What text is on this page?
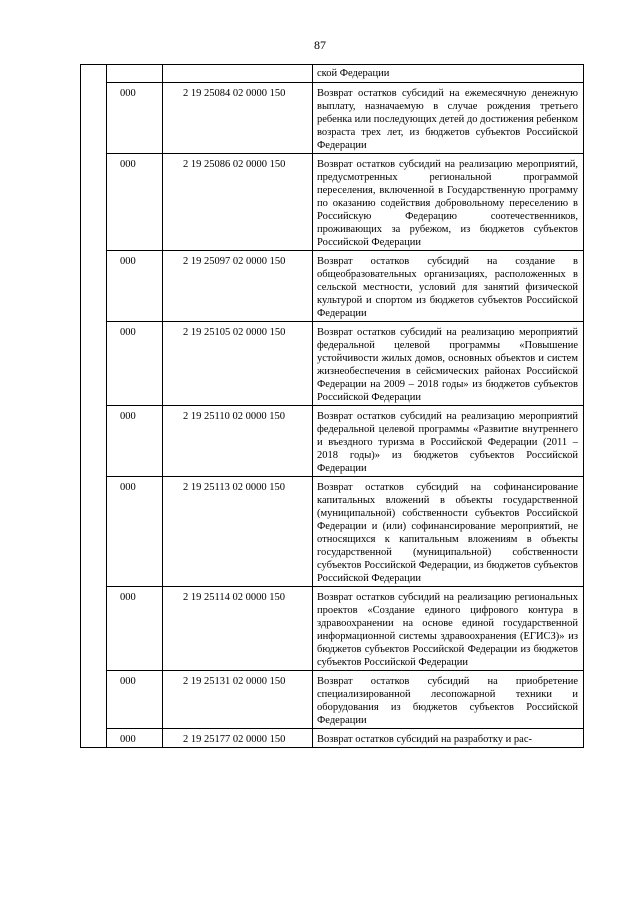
87
			ской Федерации
	000	2 19 25084 02 0000 150	Возврат остатков субсидий на ежемесячную денежную выплату, назначаемую в случае рождения третьего ребенка или последующих детей до достижения ребенком возраста трех лет, из бюджетов субъектов Российской Федерации
	000	2 19 25086 02 0000 150	Возврат остатков субсидий на реализацию мероприятий, предусмотренных региональной программой переселения, включенной в Государственную программу по оказанию содействия добровольному переселению в Российскую Федерацию соотечественников, проживающих за рубежом, из бюджетов субъектов Российской Федерации
	000	2 19 25097 02 0000 150	Возврат остатков субсидий на создание в общеобразовательных организациях, расположенных в сельской местности, условий для занятий физической культурой и спортом из бюджетов субъектов Российской Федерации
	000	2 19 25105 02 0000 150	Возврат остатков субсидий на реализацию мероприятий федеральной целевой программы «Повышение устойчивости жилых домов, основных объектов и систем жизнеобеспечения в сейсмических районах Российской Федерации на 2009 – 2018 годы» из бюджетов субъектов Российской Федерации
	000	2 19 25110 02 0000 150	Возврат остатков субсидий на реализацию мероприятий федеральной целевой программы «Развитие внутреннего и въездного туризма в Российской Федерации (2011 – 2018 годы)» из бюджетов субъектов Российской Федерации
	000	2 19 25113 02 0000 150	Возврат остатков субсидий на софинансирование капитальных вложений в объекты государственной (муниципальной) собственности субъектов Российской Федерации и (или) софинансирование мероприятий, не относящихся к капитальным вложениям в объекты государственной (муниципальной) собственности субъектов Российской Федерации, из бюджетов субъектов Российской Федерации
	000	2 19 25114 02 0000 150	Возврат остатков субсидий на реализацию региональных проектов «Создание единого цифрового контура в здравоохранении на основе единой государственной информационной системы здравоохранения (ЕГИСЗ)» из бюджетов субъектов Российской Федерации из бюджетов субъектов Российской Федерации
	000	2 19 25131 02 0000 150	Возврат остатков субсидий на приобретение специализированной лесопожарной техники и оборудования из бюджетов субъектов Российской Федерации
	000	2 19 25177 02 0000 150	Возврат остатков субсидий на разработку и рас-
